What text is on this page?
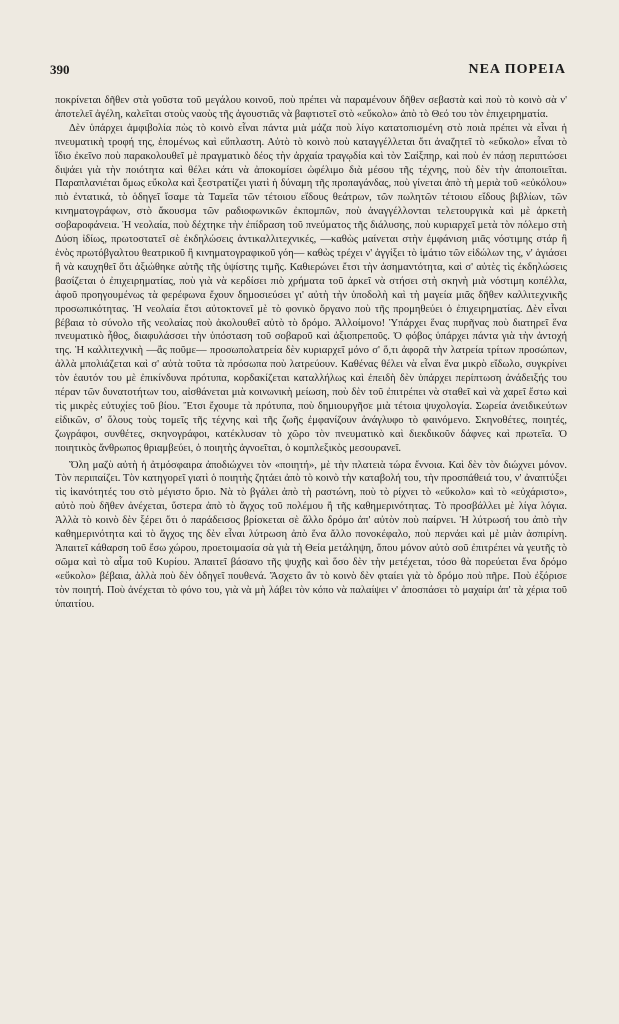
390	ΝΕΑ ΠΟΡΕΙΑ

ποκρίνεται δῆθεν στὰ γοῦστα τοῦ μεγάλου κοινοῦ, ποὺ πρέπει νὰ παραμένουν δῆθεν σεβαστὰ καὶ ποὺ τὸ κοινὸ σὰ ν' ἀποτελεῖ ἀγέλη, καλεῖται στοὺς ναοὺς τῆς ἀγουστιᾶς νὰ βαφτιστεῖ στὸ «εὔκολο» ἀπὸ τὸ Θεό του τὸν ἐπιχειρηματία.

Δὲν ὑπάρχει ἀμφιβολία πὼς τὸ κοινὸ εἶναι πάντα μιὰ μάζα ποὺ λίγο κατατοπισμένη στὸ ποιὰ πρέπει νὰ εἶναι ἡ πνευματικὴ τροφή της, ἑπομένως καὶ εὔπλαστη. Αὐτὸ τὸ κοινὸ ποὺ καταγγέλλεται ὅτι ἀναζητεῖ τὸ «εὔκολο» εἶναι τὸ ἴδιο ἐκεῖνο ποὺ παρακολουθεῖ μὲ πραγματικὸ δέος τὴν ἀρχαία τραγῳδία καὶ τὸν Σαίξπηρ, καὶ ποὺ ἐν πάσῃ περιπτώσει διψάει γιὰ τὴν ποιότητα καὶ θέλει κάτι νὰ ἀποκομίσει ὠφέλιμο διὰ μέσου τῆς τέχνης, ποὺ δὲν τὴν ἀποποιεῖται. Παραπλανιέται ὅμως εὔκολα καὶ ξεστρατίζει γιατὶ ἡ δύναμη τῆς προπαγάνδας, ποὺ γίνεται ἀπὸ τὴ μεριὰ τοῦ «εὐκόλου» πιὸ ἐντατικά, τὸ ὁδηγεῖ ἴσαμε τὰ Ταμεῖα τῶν τέτοιου εἴδους θεάτρων, τῶν πωλητῶν τέτοιου εἴδους βιβλίων, τῶν κινηματογράφων, στὸ ἄκουσμα τῶν ραδιοφωνικῶν ἐκπομπῶν, ποὺ ἀναγγέλλονται τελετουργικὰ καὶ μὲ ἀρκετὴ σοβαροφάνεια. Ἡ νεολαία, ποὺ δέχτηκε τὴν ἐπίδραση τοῦ πνεύματος τῆς διάλυσης, ποὺ κυριαρχεῖ μετὰ τὸν πόλεμο στὴ Δύση ἰδίως, πρωτοστατεῖ σὲ ἐκδηλώσεις ἀντικαλλιτεχνικές, —καθὼς μαίνεται στὴν ἐμφάνιση μιᾶς νόστιμης στάρ ἢ ἑνὸς πρωτόβγαλτου θεατρικοῦ ἢ κινηματογραφικοῦ γόη— καθὼς τρέχει ν' ἀγγίξει τὸ ἱμάτιο τῶν εἰδώλων της, ν' ἁγιάσει ἢ νὰ καυχηθεῖ ὅτι ἀξιώθηκε αὐτῆς τῆς ὑψίστης τιμῆς. Καθιερώνει ἔτσι τὴν ἀσημαντότητα, καὶ σ' αὐτὲς τὶς ἐκδηλώσεις βασίζεται ὁ ἐπιχειρηματίας, ποὺ γιὰ νὰ κερδίσει πιὸ χρήματα τοῦ ἀρκεῖ νὰ στήσει στὴ σκηνὴ μιὰ νόστιμη κοπέλλα, ἀφοῦ προηγουμένως τὰ φερέφωνα ἔχουν δημοσιεύσει γι' αὐτὴ τὴν ὑποδολὴ καὶ τὴ μαγεία μιᾶς δῆθεν καλλιτεχνικῆς προσωπικότητας. Ἡ νεολαία ἔτσι αὐτοκτονεῖ μὲ τὸ φονικὸ ὄργανο ποὺ τῆς προμηθεύει ὁ ἐπιχειρηματίας. Δὲν εἶναι βέβαια τὸ σύνολο τῆς νεολαίας ποὺ ἀκολουθεῖ αὐτὸ τὸ δρόμο. Ἀλλοίμονο! Ὑπάρχει ἕνας πυρῆνας ποὺ διατηρεῖ ἕνα πνευματικὸ ἦθος, διαφυλάσσει τὴν ὑπόσταση τοῦ σοβαροῦ καὶ ἀξιοπρεποῦς. Ὁ φόβος ὑπάρχει πάντα γιὰ τὴν ἀντοχή της. Ἡ καλλιτεχνικὴ —ἂς ποῦμε— προσωπολατρεία δὲν κυριαρχεῖ μόνο σ' ὅ,τι ἀφορᾶ τὴν λατρεία τρίτων προσώπων, ἀλλὰ μπολιάζεται καὶ σ' αὐτὰ τοῦτα τὰ πρόσωπα ποὺ λατρεύουν. Καθένας θέλει νὰ εἶναι ἕνα μικρὸ εἴδωλο, συγκρίνει τὸν ἑαυτόν του μὲ ἐπικίνδυνα πρότυπα, κορδακίζεται καταλλήλως καὶ ἐπειδὴ δὲν ὑπάρχει περίπτωση ἀνάδειξής του πέραν τῶν δυνατοτήτων του, αἰσθάνεται μιὰ κοινωνικὴ μείωση, ποὺ δὲν τοῦ ἐπιτρέπει νὰ σταθεῖ καὶ νὰ χαρεῖ ἔστω καὶ τὶς μικρὲς εὐτυχίες τοῦ βίου. Ἔτσι ἔχουμε τὰ πρότυπα, ποὺ δημιουργῆσε μιὰ τέτοια ψυχολογία. Σωρεία ἀνειδικεύτων εἰδικῶν, σ' ὅλους τοὺς τομεῖς τῆς τέχνης καὶ τῆς ζωῆς ἐμφανίζουν ἀνάγλυφο τὸ φαινόμενο. Σκηνοθέτες, ποιητές, ζωγράφοι, συνθέτες, σκηνογράφοι, κατέκλυσαν τὸ χῶρο τὸν πνευματικὸ καὶ διεκδικοῦν δάφνες καὶ πρωτεῖα. Ὁ ποιητικὸς ἄνθρωπος θριαμβεύει, ὁ ποιητὴς ἀγνοεῖται, ὁ κομπλεξικὸς μεσουρανεῖ.

Ὅλη μαζὺ αὐτὴ ἡ ἀτμόσφαιρα ἀποδιώχνει τὸν «ποιητή», μὲ τὴν πλατειὰ τώρα ἔννοια. Καὶ δὲν τὸν διώχνει μόνον. Τὸν περιπαίζει. Τὸν κατηγορεῖ γιατὶ ὁ ποιητὴς ζητάει ἀπὸ τὸ κοινὸ τὴν καταβολή του, τὴν προσπάθειά του, ν' ἀναπτύξει τὶς ἱκανότητές του στὸ μέγιστο ὅριο. Νὰ τὸ βγάλει ἀπὸ τὴ ραστώνη, ποὺ τὸ ρίχνει τὸ «εὔκολο» καὶ τὸ «εὐχάριστο», αὐτὸ ποὺ δῆθεν ἀνέχεται, ὕστερα ἀπὸ τὸ ἄγχος τοῦ πολέμου ἢ τῆς καθημερινότητας. Τὸ προσβάλλει μὲ λίγα λόγια. Ἀλλὰ τὸ κοινὸ δὲν ξέρει ὅτι ὁ παράδεισος βρίσκεται σὲ ἄλλο δρόμο ἀπ' αὐτὸν ποὺ παίρνει. Ἡ λύτρωσή του ἀπὸ τὴν καθημερινότητα καὶ τὸ ἄγχος της δὲν εἶναι λύτρωση ἀπὸ ἕνα ἄλλο πονοκέφαλο, ποὺ περνάει καὶ μὲ μιὰν ἀσπιρίνη. Ἀπαιτεῖ κάθαρση τοῦ ἔσω χώρου, προετοιμασία σὰ γιὰ τὴ Θεία μετάληψη, ὅπου μόνον αὐτὸ σοῦ ἐπιτρέπει νὰ γευτῆς τὸ σῶμα καὶ τὸ αἷμα τοῦ Κυρίου. Ἀπαιτεῖ βάσανο τῆς ψυχῆς καὶ ὅσο δὲν τὴν μετέχεται, τόσο θὰ πορεύεται ἕνα δρόμο «εὔκολο» βέβαια, ἀλλὰ ποὺ δὲν ὁδηγεῖ πουθενά. Ἄσχετο ἂν τὸ κοινὸ δὲν φταίει γιὰ τὸ δρόμο ποὺ πῆρε. Ποὺ ἐξόρισε τὸν ποιητή. Ποὺ ἀνέχεται τὸ φόνο του, γιὰ νὰ μὴ λάβει τὸν κόπο νὰ παλαίψει ν' ἀποσπάσει τὸ μαχαίρι ἀπ' τὰ χέρια τοῦ ὑπαιτίου.
